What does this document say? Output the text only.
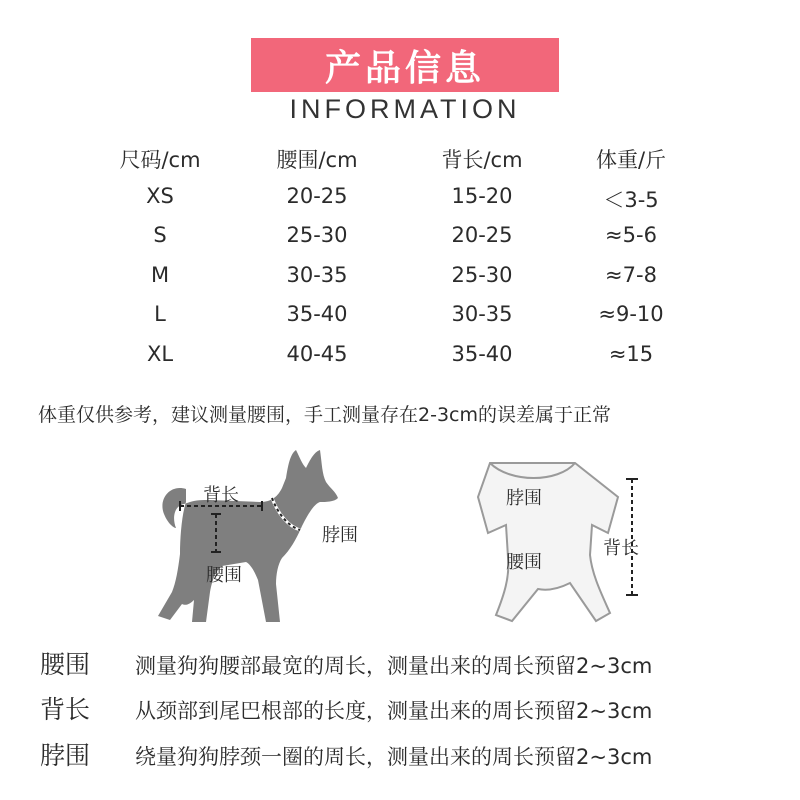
产品信息
INFORMATION
尺码/cm	腰围/cm	背长/cm	体重/斤
XS	20-25	15-20	＜3-5
S	25-30	20-25	≈5-6
M	30-35	25-30	≈7-8
L	35-40	30-35	≈9-10
XL	40-45	35-40	≈15
体重仅供参考，建议测量腰围，手工测量存在2-3cm的误差属于正常
背长
腰围
脖围
脖围
腰围
背长
腰围 测量狗狗腰部最宽的周长，测量出来的周长预留2~3cm
背长 从颈部到尾巴根部的长度，测量出来的周长预留2~3cm
脖围 绕量狗狗脖颈一圈的周长，测量出来的周长预留2~3cm
